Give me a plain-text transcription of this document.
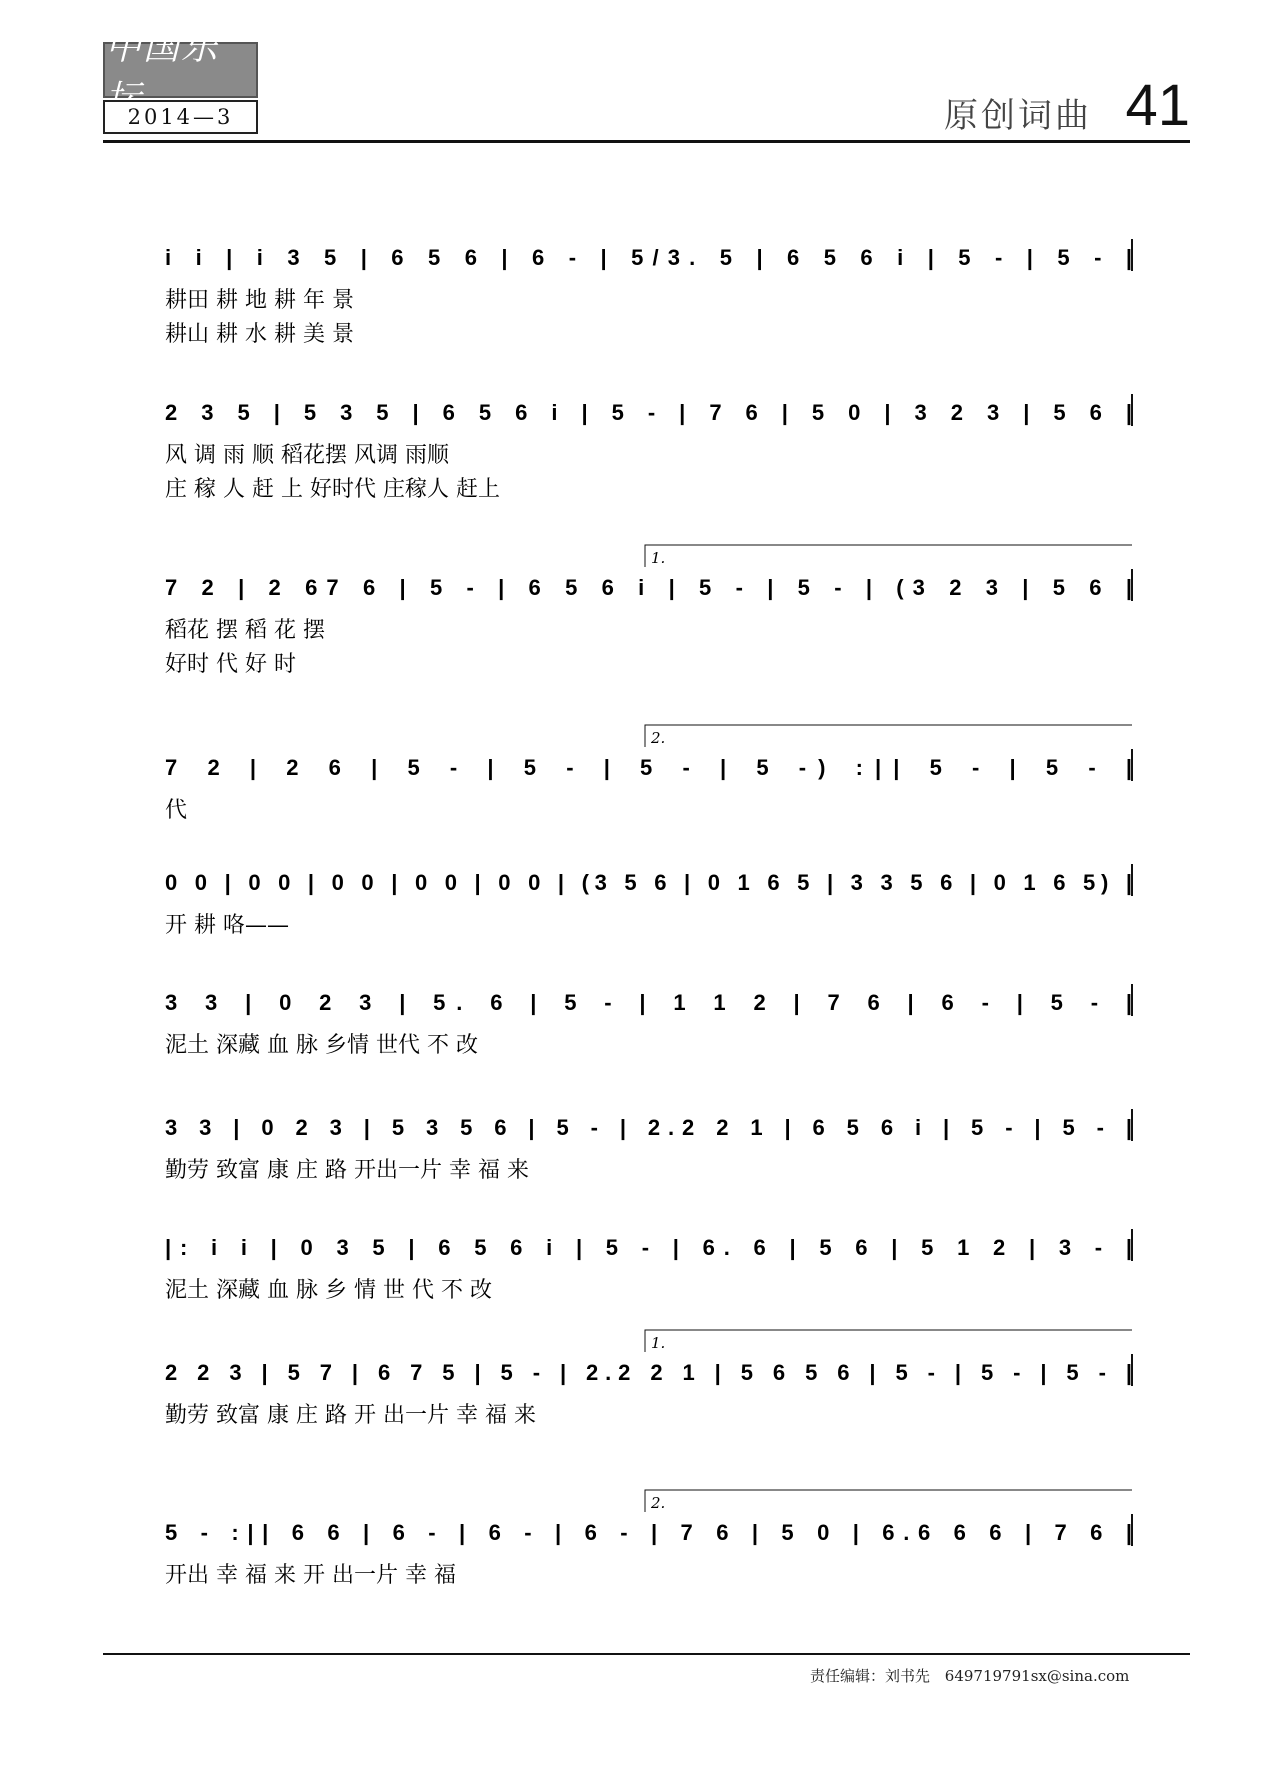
中国乐坛
2014—3	原创词曲 41
i i | i 3 5 | 6 5 6 | 6 - | 5/3. 5 | 6 5 6 i | 5 - | 5 - |
耕田 耕 地 耕 年 景
耕山 耕 水 耕 美 景
2 3 5 | 5 3 5 | 6 5 6 i | 5 - | 7 6 | 5 0 | 3 2 3 | 5 6 |
风 调 雨 顺 稻花摆 风调 雨顺
庄 稼 人 赶 上 好时代 庄稼人 赶上
7 2 | 2 67 6 | 5 - | 6 5 6 i | 5 - | 5 - | (3 2 3 | 5 6 |
稻花 摆 稻 花 摆
好时 代 好 时
1.
7 2 | 2 6 | 5 - | 5 - | 5 - | 5 -) :|| 5 - | 5 - |
代
2.
0 0 | 0 0 | 0 0 | 0 0 | 0 0 | (3 5 6 | 0 1 6 5 | 3 3 5 6 | 0 1 6 5) |
开 耕 咯——
3 3 | 0 2 3 | 5. 6 | 5 - | 1 1 2 | 7 6 | 6 - | 5 - |
泥土 深藏 血 脉 乡情 世代 不 改
3 3 | 0 2 3 | 5 3 5 6 | 5 - | 2.2 2 1 | 6 5 6 i | 5 - | 5 - |
勤劳 致富 康 庄 路 开出一片 幸 福 来
|: i i | 0 3 5 | 6 5 6 i | 5 - | 6. 6 | 5 6 | 5 1 2 | 3 - |
泥土 深藏 血 脉 乡 情 世 代 不 改
2 2 3 | 5 7 | 6 7 5 | 5 - | 2.2 2 1 | 5 6 5 6 | 5 - | 5 - | 5 - |
勤劳 致富 康 庄 路 开 出一片 幸 福 来
1.
5 - :|| 6 6 | 6 - | 6 - | 6 - | 7 6 | 5 0 | 6.6 6 6 | 7 6 |
开出 幸 福 来 开 出一片 幸 福
2.
责任编辑：刘书先 649719791sx@sina.com
